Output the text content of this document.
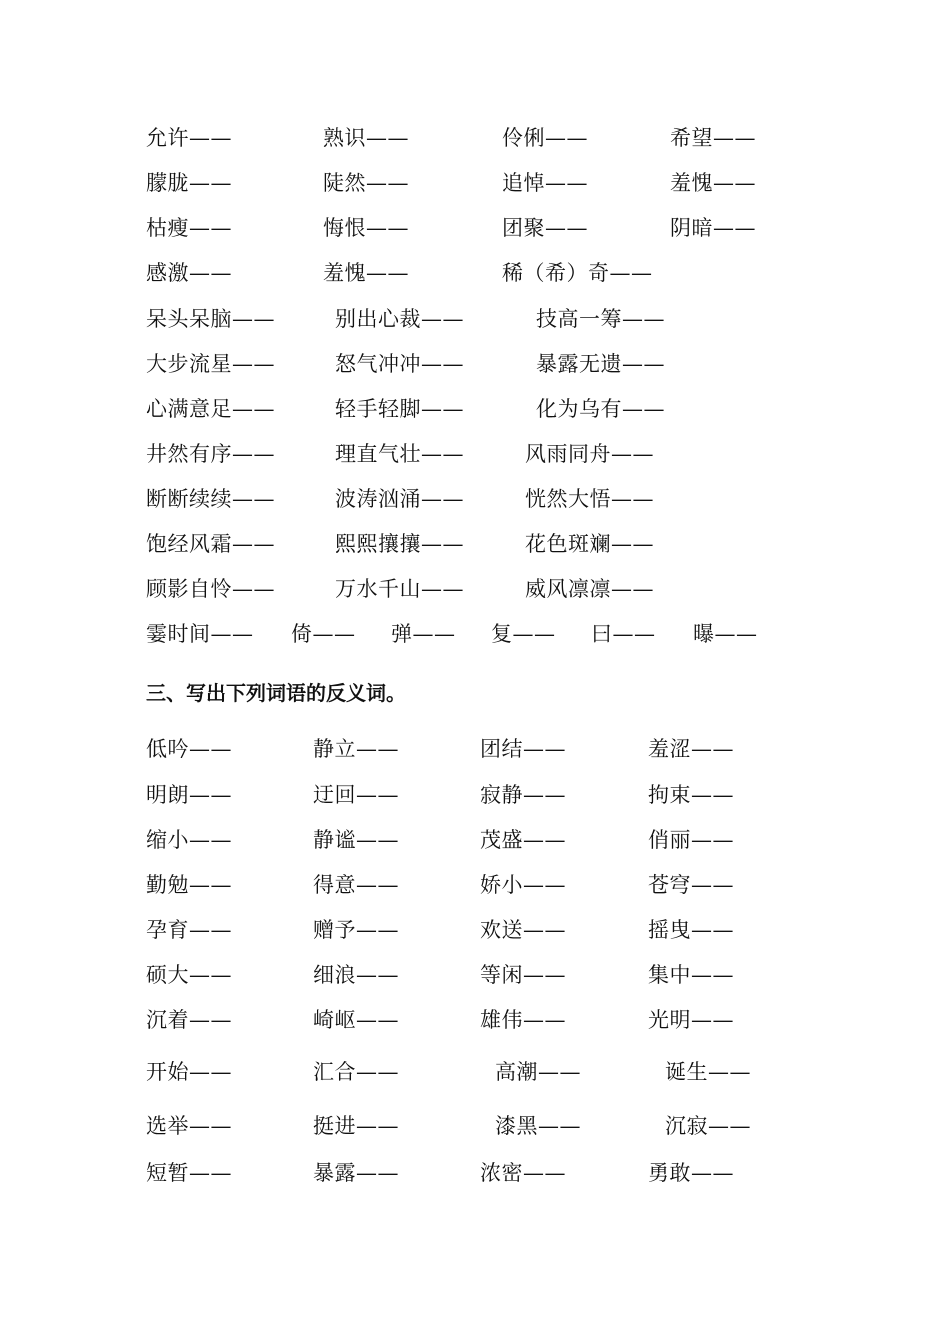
允许——	熟识——	伶俐——	希望——
朦胧——	陡然——	追悼——	羞愧——
枯瘦——	悔恨——	团聚——	阴暗——
感激——	羞愧——	稀（希）奇——
呆头呆脑——	别出心裁——	技高一筹——
大步流星——	怒气冲冲——	暴露无遗——
心满意足——	轻手轻脚——	化为乌有——
井然有序——	理直气壮——	风雨同舟——
断断续续——	波涛汹涌——	恍然大悟——
饱经风霜——	熙熙攘攘——	花色斑斓——
顾影自怜——	万水千山——	威风凛凛——
霎时间—— 倚—— 弹—— 复—— 曰—— 曝——
三、写出下列词语的反义词。
低吟——	静立——	团结——	羞涩——
明朗——	迂回——	寂静——	拘束——
缩小——	静谧——	茂盛——	俏丽——
勤勉——	得意——	娇小——	苍穹——
孕育——	赠予——	欢送——	摇曳——
硕大——	细浪——	等闲——	集中——
沉着——	崎岖——	雄伟——	光明——
开始——	汇合——	高潮——	诞生——
选举——	挺进——	漆黑——	沉寂——
短暂——	暴露——	浓密——	勇敢——
